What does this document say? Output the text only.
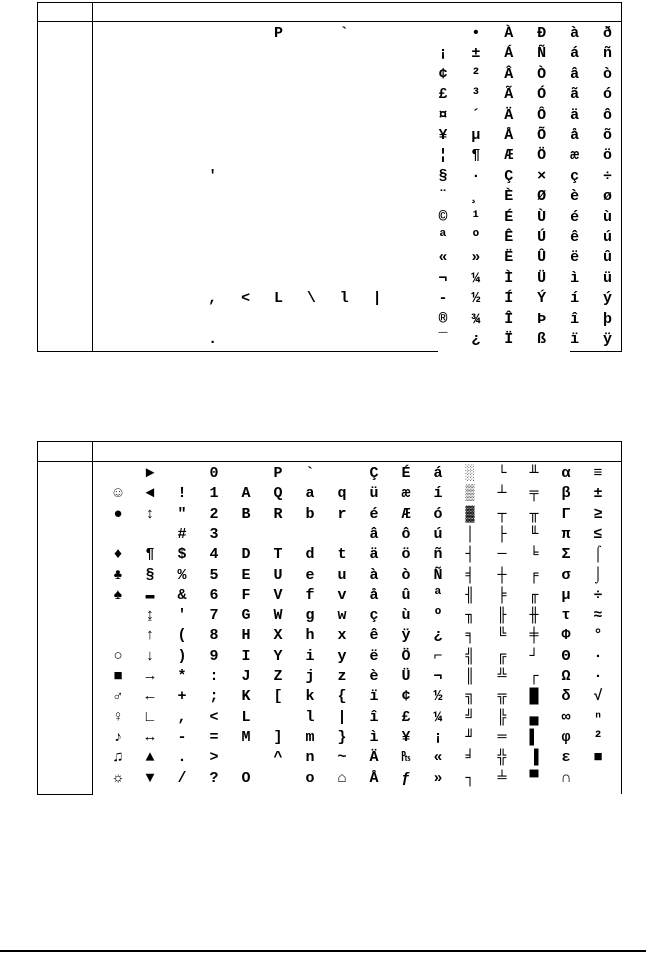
'
,
.
<
P
L	\
`
l	|
¡
¢
£
¤
¥
¦
§
¨
©
ª
«
¬
-
®
¯
•
±
²
³
´
µ
¶
·
¸
¹
º
»
¼
½
¾
¿
À
Á
Â
Ã
Ä
Å
Æ
Ç
È
É
Ê
Ë
Ì
Í
Î
Ï
Ð
Ñ
Ò
Ó
Ô
Õ
Ö
×
Ø
Ù
Ú
Û
Ü
Ý
Þ
ß
à
á
â
ã
ä
å
æ
ç
è
é
ê
ë
ì
í
î
ï
ð
ñ
ò
ó
ô
õ
ö
÷
ø
ù
ú
û
ü
ý
þ
ÿ
☺
●
♦
♣
♠
○
■
♂
♀
♪
♫
☼
►
◄
↕
¶
§
▬
↨
↑
↓
→
←
∟
↔
▲
▼
!
"
#
$
%
&
'
(
)
*
+
,
-
.
/
0
1
2
3
4
5
6
7
8
9
:
;
<
=
>
?
A
B
D
E
F
G
H
I
J
K
L
M
O
P
Q
R
T
U
V
W
X
Y
Z
[
]
^
`
a
b
d
e
f
g
h
i
j
k
l
m
n
o
q
r
t
u
v
w
x
y
z
{
|
}
~
⌂
Ç
ü
é
â
ä
à
å
ç
ê
ë
è
ï
î
ì
Ä
Å
É
æ
Æ
ô
ö
ò
û
ù
ÿ
Ö
Ü
¢
£
¥
₧
ƒ
á
í
ó
ú
ñ
Ñ
ª
º
¿
⌐
¬
½
¼
¡
«
»
░
▒
▓
│
┤
╡
╢
╖
╕
╣
║
╗
╝
╜
╛
┐
└
┴
┬
├
─
┼
╞
╟
╚
╔
╩
╦
╠
═
╬
╧
╨
╤
╥
╙
╘
╒
╓
╫
╪
┘
┌
█
▄
▌
▐
▀
α
β
Γ
π
Σ
σ
µ
τ
Φ
Θ
Ω
δ
∞
φ
ε
∩
≡
±
≥
≤
⌠
⌡
÷
≈
°
·
·
√
ⁿ
²
■
